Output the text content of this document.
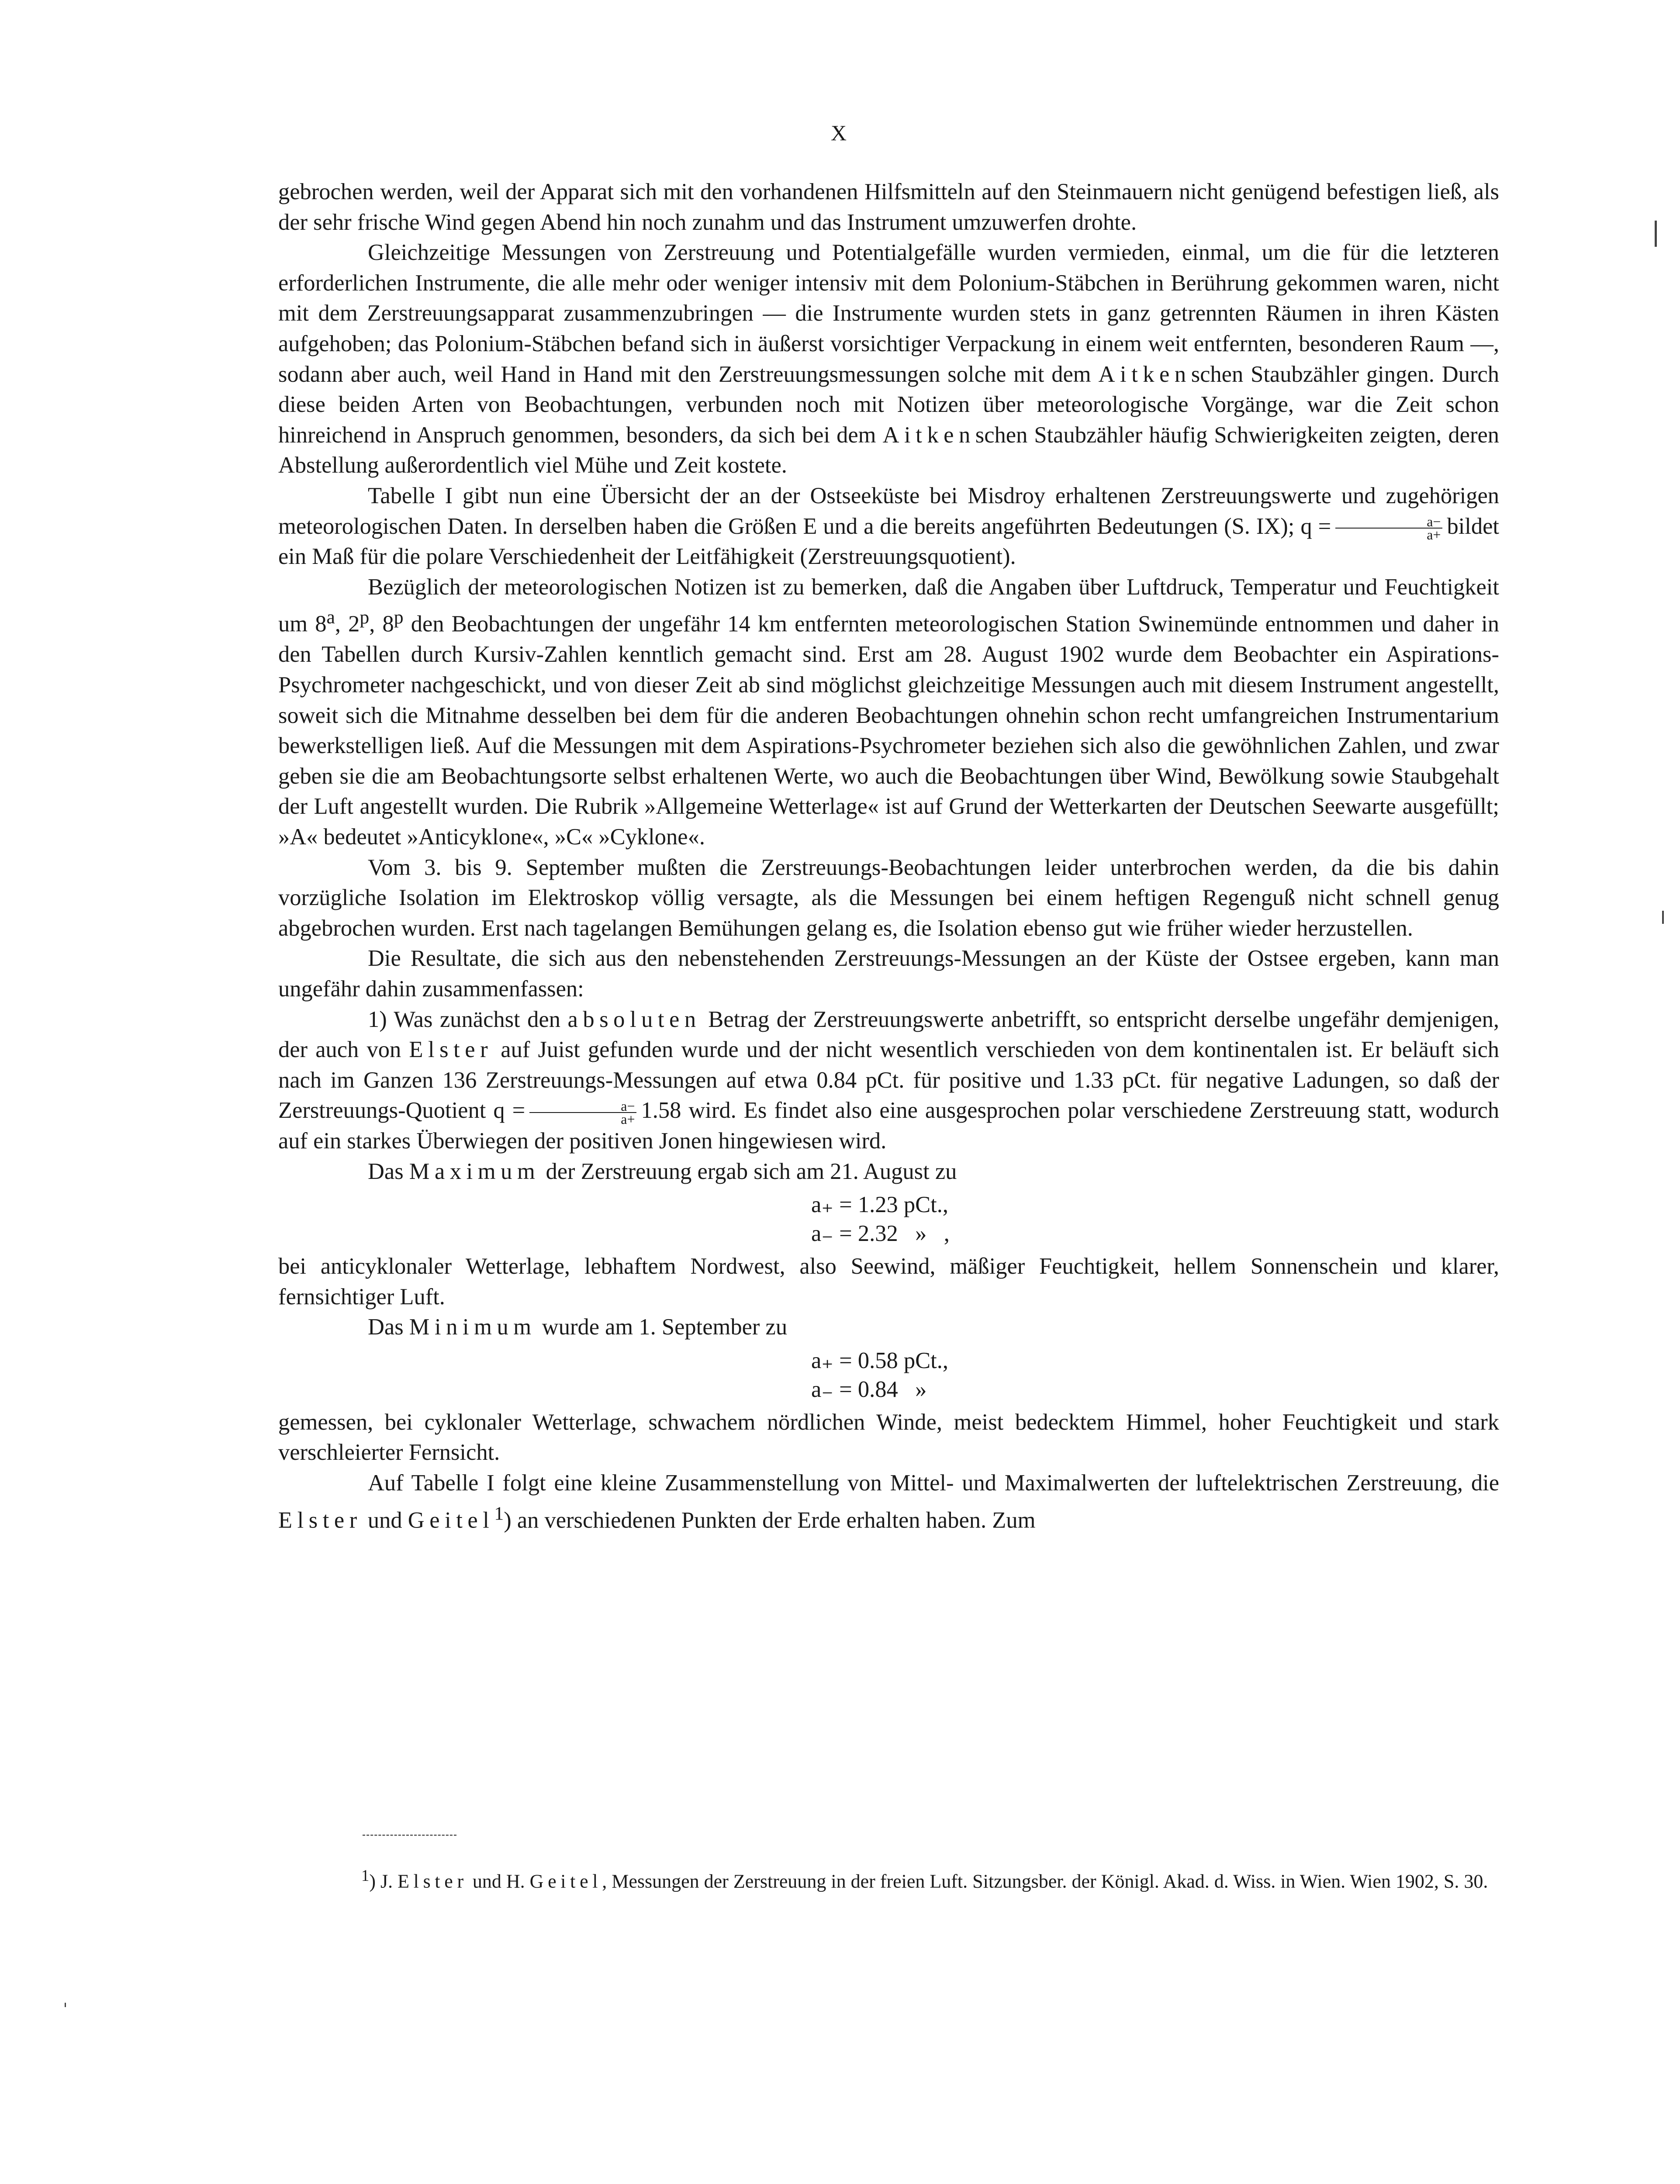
X

gebrochen werden, weil der Apparat sich mit den vorhandenen Hilfsmitteln auf den Steinmauern nicht genügend befestigen ließ, als der sehr frische Wind gegen Abend hin noch zunahm und das Instrument umzuwerfen drohte.

Gleichzeitige Messungen von Zerstreuung und Potentialgefälle wurden vermieden, einmal, um die für die letzteren erforderlichen Instrumente, die alle mehr oder weniger intensiv mit dem Polonium-Stäbchen in Berührung gekommen waren, nicht mit dem Zerstreuungsapparat zusammenzubringen — die Instrumente wurden stets in ganz getrennten Räumen in ihren Kästen aufgehoben; das Polonium-Stäbchen befand sich in äußerst vorsichtiger Verpackung in einem weit entfernten, besonderen Raum —, sodann aber auch, weil Hand in Hand mit den Zerstreuungsmessungen solche mit dem Aitkenschen Staubzähler gingen. Durch diese beiden Arten von Beobachtungen, verbunden noch mit Notizen über meteorologische Vorgänge, war die Zeit schon hinreichend in Anspruch genommen, besonders, da sich bei dem Aitkenschen Staubzähler häufig Schwierigkeiten zeigten, deren Abstellung außerordentlich viel Mühe und Zeit kostete.

Tabelle I gibt nun eine Übersicht der an der Ostseeküste bei Misdroy erhaltenen Zerstreuungswerte und zugehörigen meteorologischen Daten. In derselben haben die Größen E und a die bereits angeführten Bedeutungen (S. IX); $q = \frac{a-}{a+}$ bildet ein Maß für die polare Verschiedenheit der Leitfähigkeit (Zerstreuungsquotient).

Bezüglich der meteorologischen Notizen ist zu bemerken, daß die Angaben über Luftdruck, Temperatur und Feuchtigkeit um 8$^a$, 2$^p$, 8$^p$ den Beobachtungen der ungefähr 14 km entfernten meteorologischen Station Swinemünde entnommen und daher in den Tabellen durch Kursiv-Zahlen kenntlich gemacht sind. Erst am 28. August 1902 wurde dem Beobachter ein Aspirations-Psychrometer nachgeschickt, und von dieser Zeit ab sind möglichst gleichzeitige Messungen auch mit diesem Instrument angestellt, soweit sich die Mitnahme desselben bei dem für die anderen Beobachtungen ohnehin schon recht umfangreichen Instrumentarium bewerkstelligen ließ. Auf die Messungen mit dem Aspirations-Psychrometer beziehen sich also die gewöhnlichen Zahlen, und zwar geben sie die am Beobachtungsorte selbst erhaltenen Werte, wo auch die Beobachtungen über Wind, Bewölkung sowie Staubgehalt der Luft angestellt wurden. Die Rubrik »Allgemeine Wetterlage« ist auf Grund der Wetterkarten der Deutschen Seewarte ausgefüllt; »A« bedeutet »Anticyklone«, »C« »Cyklone«.

Vom 3. bis 9. September mußten die Zerstreuungs-Beobachtungen leider unterbrochen werden, da die bis dahin vorzügliche Isolation im Elektroskop völlig versagte, als die Messungen bei einem heftigen Regenguß nicht schnell genug abgebrochen wurden. Erst nach tagelangen Bemühungen gelang es, die Isolation ebenso gut wie früher wieder herzustellen.

Die Resultate, die sich aus den nebenstehenden Zerstreuungs-Messungen an der Küste der Ostsee ergeben, kann man ungefähr dahin zusammenfassen:

1) Was zunächst den absoluten Betrag der Zerstreuungswerte anbetrifft, so entspricht derselbe ungefähr demjenigen, der auch von Elster auf Juist gefunden wurde und der nicht wesentlich verschieden von dem kontinentalen ist. Er beläuft sich nach im Ganzen 136 Zerstreuungs-Messungen auf etwa 0.84 pCt. für positive und 1.33 pCt. für negative Ladungen, so daß der Zerstreuungs-Quotient $q = \frac{a-}{a+} 1.58$ wird. Es findet also eine ausgesprochen polar verschiedene Zerstreuung statt, wodurch auf ein starkes Überwiegen der positiven Jonen hingewiesen wird.

Das Maximum der Zerstreuung ergab sich am 21. August zu

a₊ = 1.23 pCt.,
a₋ = 2.32   »   ,

bei anticyklonaler Wetterlage, lebhaftem Nordwest, also Seewind, mäßiger Feuchtigkeit, hellem Sonnenschein und klarer, fernsichtiger Luft.

Das Minimum wurde am 1. September zu

a₊ = 0.58 pCt.,
a₋ = 0.84   »

gemessen, bei cyklonaler Wetterlage, schwachem nördlichen Winde, meist bedecktem Himmel, hoher Feuchtigkeit und stark verschleierter Fernsicht.

Auf Tabelle I folgt eine kleine Zusammenstellung von Mittel- und Maximalwerten der luftelektrischen Zerstreuung, die Elster und Geitel$^1$) an verschiedenen Punkten der Erde erhalten haben. Zum

$^1$) J. Elster und H. Geitel, Messungen der Zerstreuung in der freien Luft. Sitzungsber. der Königl. Akad. d. Wiss. in Wien. Wien 1902, S. 30.
